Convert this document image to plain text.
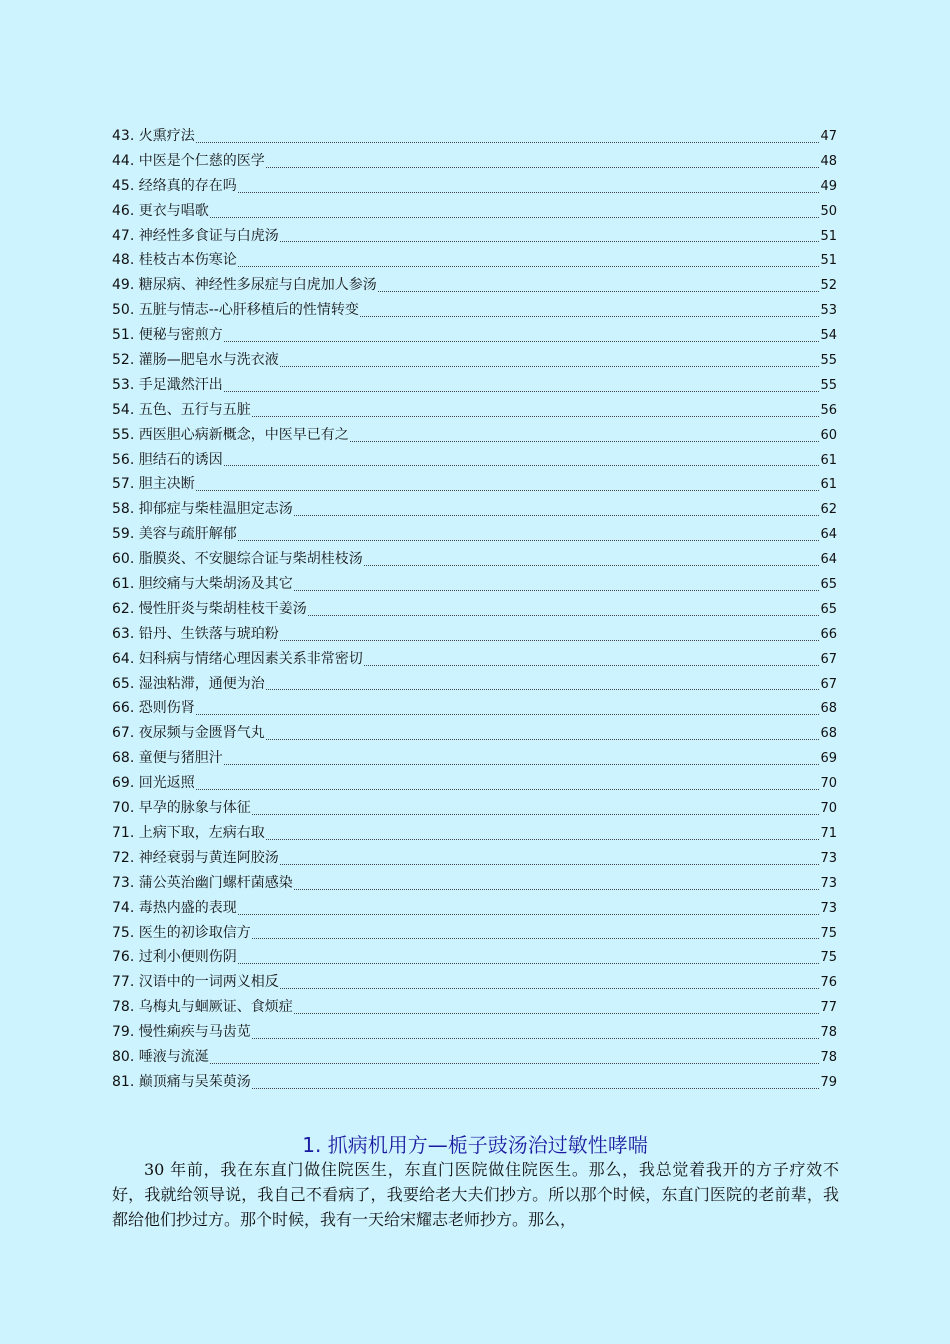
43. 火熏疗法	47
44. 中医是个仁慈的医学	48
45. 经络真的存在吗	49
46. 更衣与唱歌	50
47. 神经性多食证与白虎汤	51
48. 桂枝古本伤寒论	51
49. 糖尿病、神经性多尿症与白虎加人参汤	52
50. 五脏与情志--心肝移植后的性情转变	53
51. 便秘与密煎方	54
52. 灌肠—肥皂水与洗衣液	55
53. 手足濈然汗出	55
54. 五色、五行与五脏	56
55. 西医胆心病新概念，中医早已有之	60
56. 胆结石的诱因	61
57. 胆主决断	61
58. 抑郁症与柴桂温胆定志汤	62
59. 美容与疏肝解郁	64
60. 脂膜炎、不安腿综合证与柴胡桂枝汤	64
61. 胆绞痛与大柴胡汤及其它	65
62. 慢性肝炎与柴胡桂枝干姜汤	65
63. 铅丹、生铁落与琥珀粉	66
64. 妇科病与情绪心理因素关系非常密切	67
65. 湿浊粘滞，通便为治	67
66. 恐则伤肾	68
67. 夜尿频与金匮肾气丸	68
68. 童便与猪胆汁	69
69. 回光返照	70
70. 早孕的脉象与体征	70
71. 上病下取，左病右取	71
72. 神经衰弱与黄连阿胶汤	73
73. 蒲公英治幽门螺杆菌感染	73
74. 毒热内盛的表现	73
75. 医生的初诊取信方	75
76. 过利小便则伤阴	75
77. 汉语中的一词两义相反	76
78. 乌梅丸与蛔厥证、食烦症	77
79. 慢性痢疾与马齿苋	78
80. 唾液与流涎	78
81. 巅顶痛与吴茱萸汤	79
1. 抓病机用方—栀子豉汤治过敏性哮喘
30 年前，我在东直门做住院医生，东直门医院做住院医生。那么，我总觉着我开的方子疗效不好，我就给领导说，我自己不看病了，我要给老大夫们抄方。所以那个时候，东直门医院的老前辈，我都给他们抄过方。那个时候，我有一天给宋耀志老师抄方。那么，
